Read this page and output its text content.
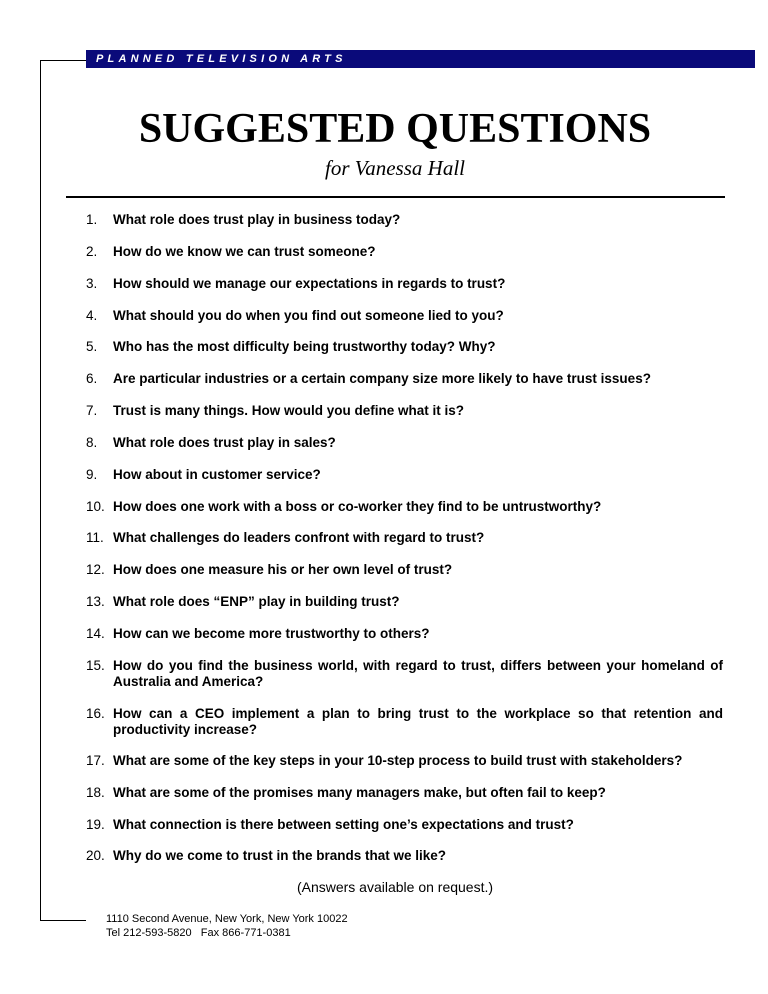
PLANNED TELEVISION ARTS
SUGGESTED QUESTIONS
for Vanessa Hall
1. What role does trust play in business today?
2. How do we know we can trust someone?
3. How should we manage our expectations in regards to trust?
4. What should you do when you find out someone lied to you?
5. Who has the most difficulty being trustworthy today? Why?
6. Are particular industries or a certain company size more likely to have trust issues?
7. Trust is many things. How would you define what it is?
8. What role does trust play in sales?
9. How about in customer service?
10. How does one work with a boss or co-worker they find to be untrustworthy?
11. What challenges do leaders confront with regard to trust?
12. How does one measure his or her own level of trust?
13. What role does “ENP” play in building trust?
14. How can we become more trustworthy to others?
15. How do you find the business world, with regard to trust, differs between your homeland of Australia and America?
16. How can a CEO implement a plan to bring trust to the workplace so that retention and productivity increase?
17. What are some of the key steps in your 10-step process to build trust with stakeholders?
18. What are some of the promises many managers make, but often fail to keep?
19. What connection is there between setting one’s expectations and trust?
20. Why do we come to trust in the brands that we like?
(Answers available on request.)
1110 Second Avenue, New York, New York 10022
Tel 212-593-5820   Fax 866-771-0381
